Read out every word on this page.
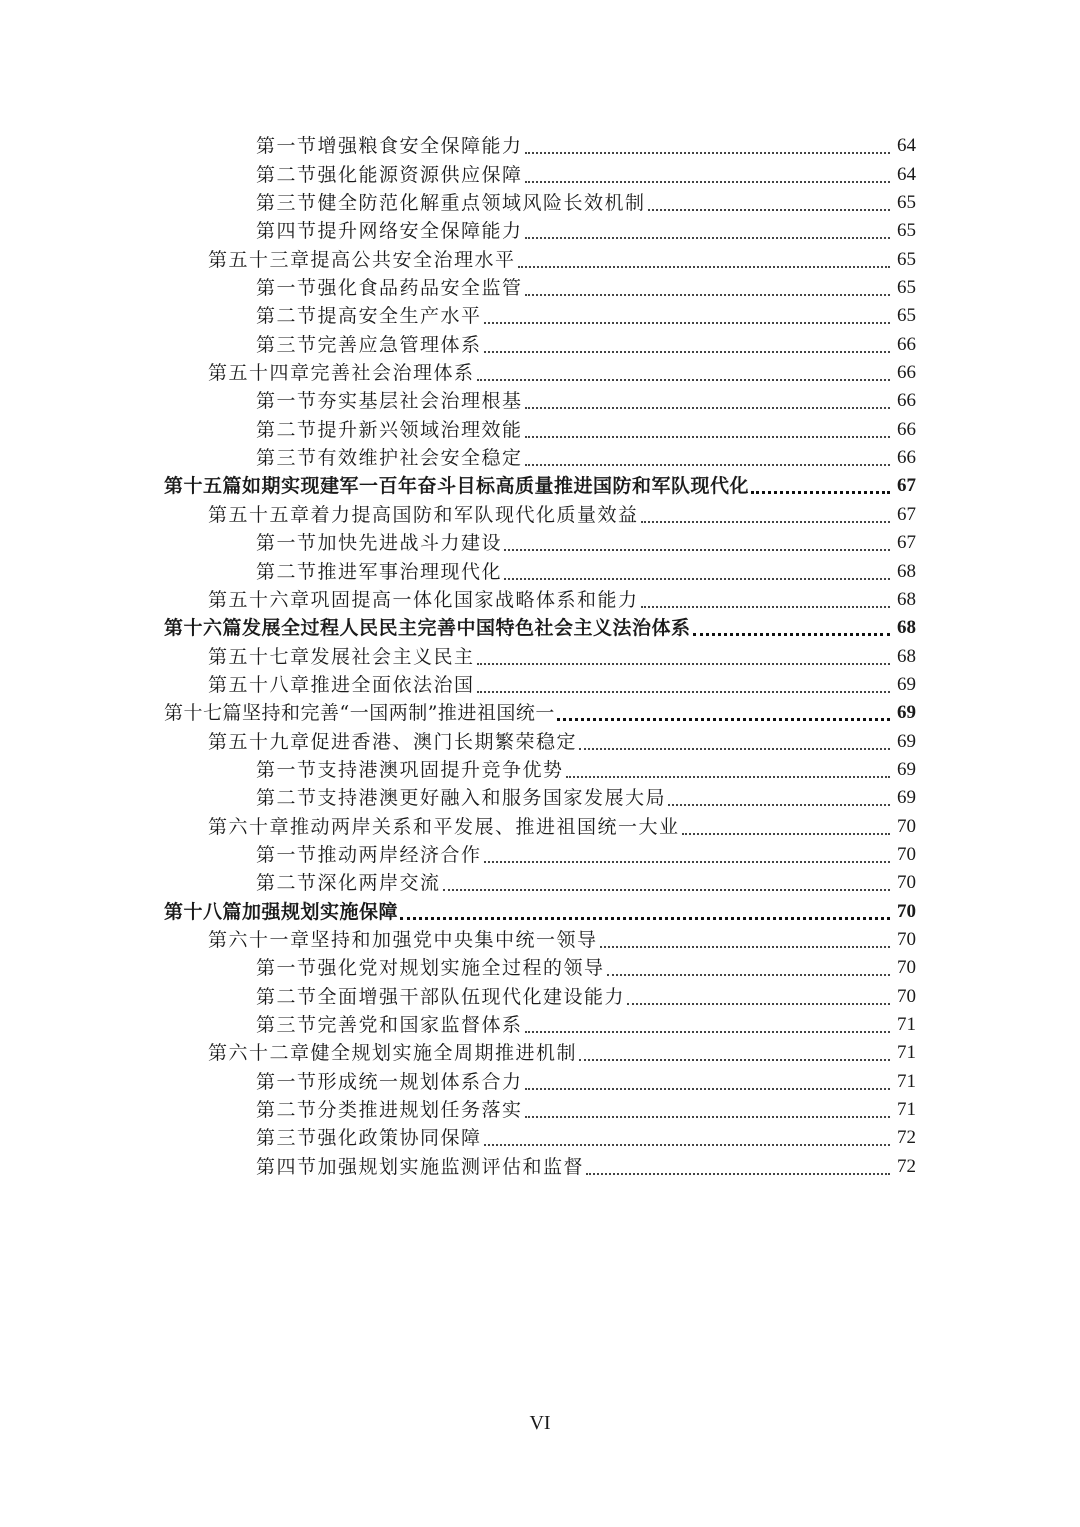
第一节增强粮食安全保障能力	64
第二节强化能源资源供应保障	64
第三节健全防范化解重点领域风险长效机制	65
第四节提升网络安全保障能力	65
第五十三章提高公共安全治理水平	65
第一节强化食品药品安全监管	65
第二节提高安全生产水平	65
第三节完善应急管理体系	66
第五十四章完善社会治理体系	66
第一节夯实基层社会治理根基	66
第二节提升新兴领域治理效能	66
第三节有效维护社会安全稳定	66
第十五篇如期实现建军一百年奋斗目标高质量推进国防和军队现代化	67
第五十五章着力提高国防和军队现代化质量效益	67
第一节加快先进战斗力建设	67
第二节推进军事治理现代化	68
第五十六章巩固提高一体化国家战略体系和能力	68
第十六篇发展全过程人民民主完善中国特色社会主义法治体系	68
第五十七章发展社会主义民主	68
第五十八章推进全面依法治国	69
第十七篇坚持和完善“一国两制”推进祖国统一	69
第五十九章促进香港、澳门长期繁荣稳定	69
第一节支持港澳巩固提升竞争优势	69
第二节支持港澳更好融入和服务国家发展大局	69
第六十章推动两岸关系和平发展、推进祖国统一大业	70
第一节推动两岸经济合作	70
第二节深化两岸交流	70
第十八篇加强规划实施保障	70
第六十一章坚持和加强党中央集中统一领导	70
第一节强化党对规划实施全过程的领导	70
第二节全面增强干部队伍现代化建设能力	70
第三节完善党和国家监督体系	71
第六十二章健全规划实施全周期推进机制	71
第一节形成统一规划体系合力	71
第二节分类推进规划任务落实	71
第三节强化政策协同保障	72
第四节加强规划实施监测评估和监督	72
VI
